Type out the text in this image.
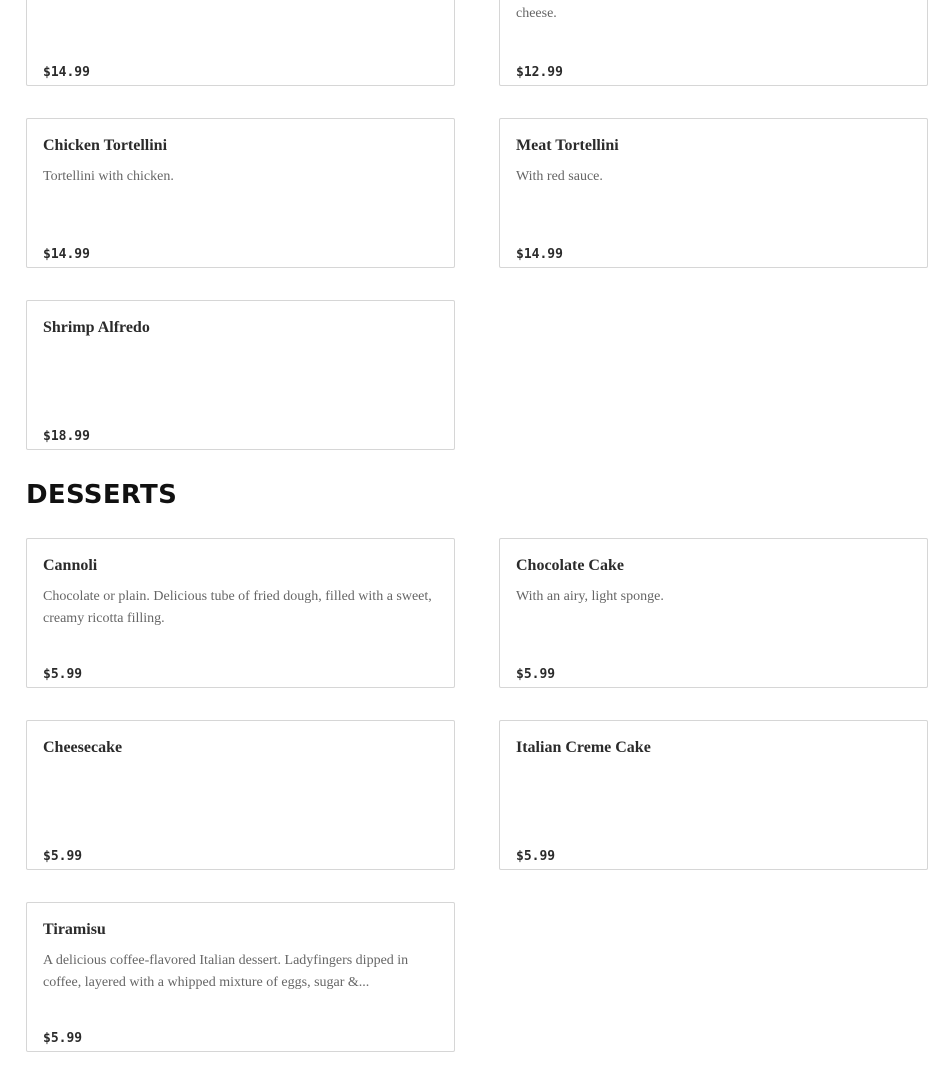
$14.99
cheese.
$12.99
Chicken Tortellini
Tortellini with chicken.
$14.99
Meat Tortellini
With red sauce.
$14.99
Shrimp Alfredo
$18.99
DESSERTS
Cannoli
Chocolate or plain. Delicious tube of fried dough, filled with a sweet, creamy ricotta filling.
$5.99
Chocolate Cake
With an airy, light sponge.
$5.99
Cheesecake
$5.99
Italian Creme Cake
$5.99
Tiramisu
A delicious coffee-flavored Italian dessert. Ladyfingers dipped in coffee, layered with a whipped mixture of eggs, sugar &...
$5.99
